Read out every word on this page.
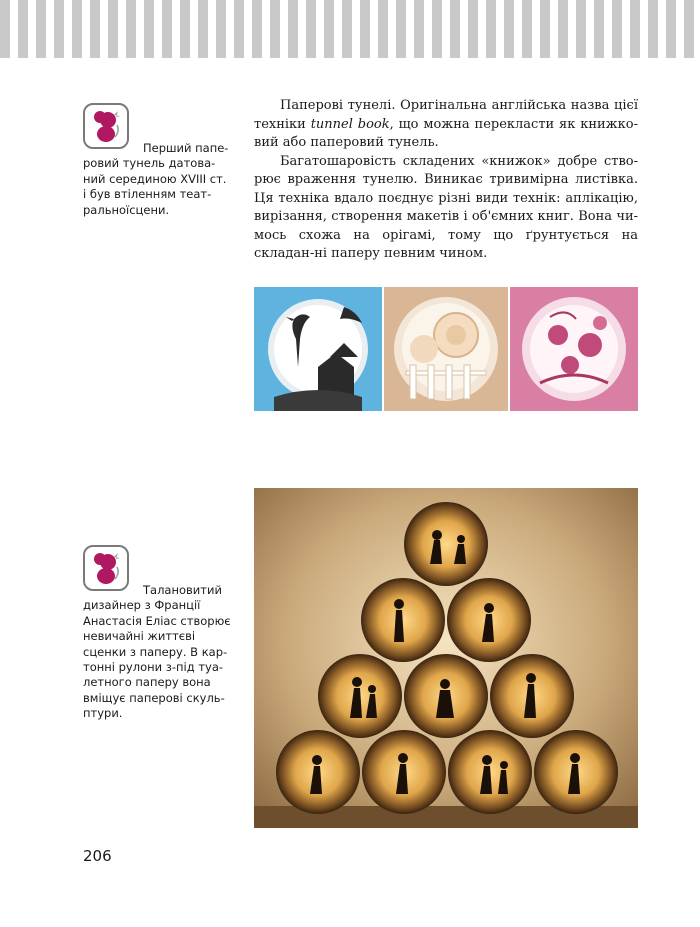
Перший папе-
ровий тунель датова-ний серединою XVIII ст. і був втіленням теат-ральноїсцени.

Паперові тунелі. Оригінальна англійська назва цієї техніки tunnel book, що можна перекласти як книжко-вий або паперовий тунель.

Багатошаровість складених «книжок» добре ство-рює враження тунелю. Виникає тривимірна листівка. Ця техніка вдало поєднує різні види технік: аплікацію, вирізання, створення макетів і об'ємних книг. Вона чи-мось схожа на орігамі, тому що ґрунтується на складан-ні паперу певним чином.

Талановитий
дизайнер з Франції Анастасія Еліас створює невичайні життєві сценки з паперу. В кар-тонні рулони з-під туа-летного паперу вона вміщує паперові скуль-птури.
206
